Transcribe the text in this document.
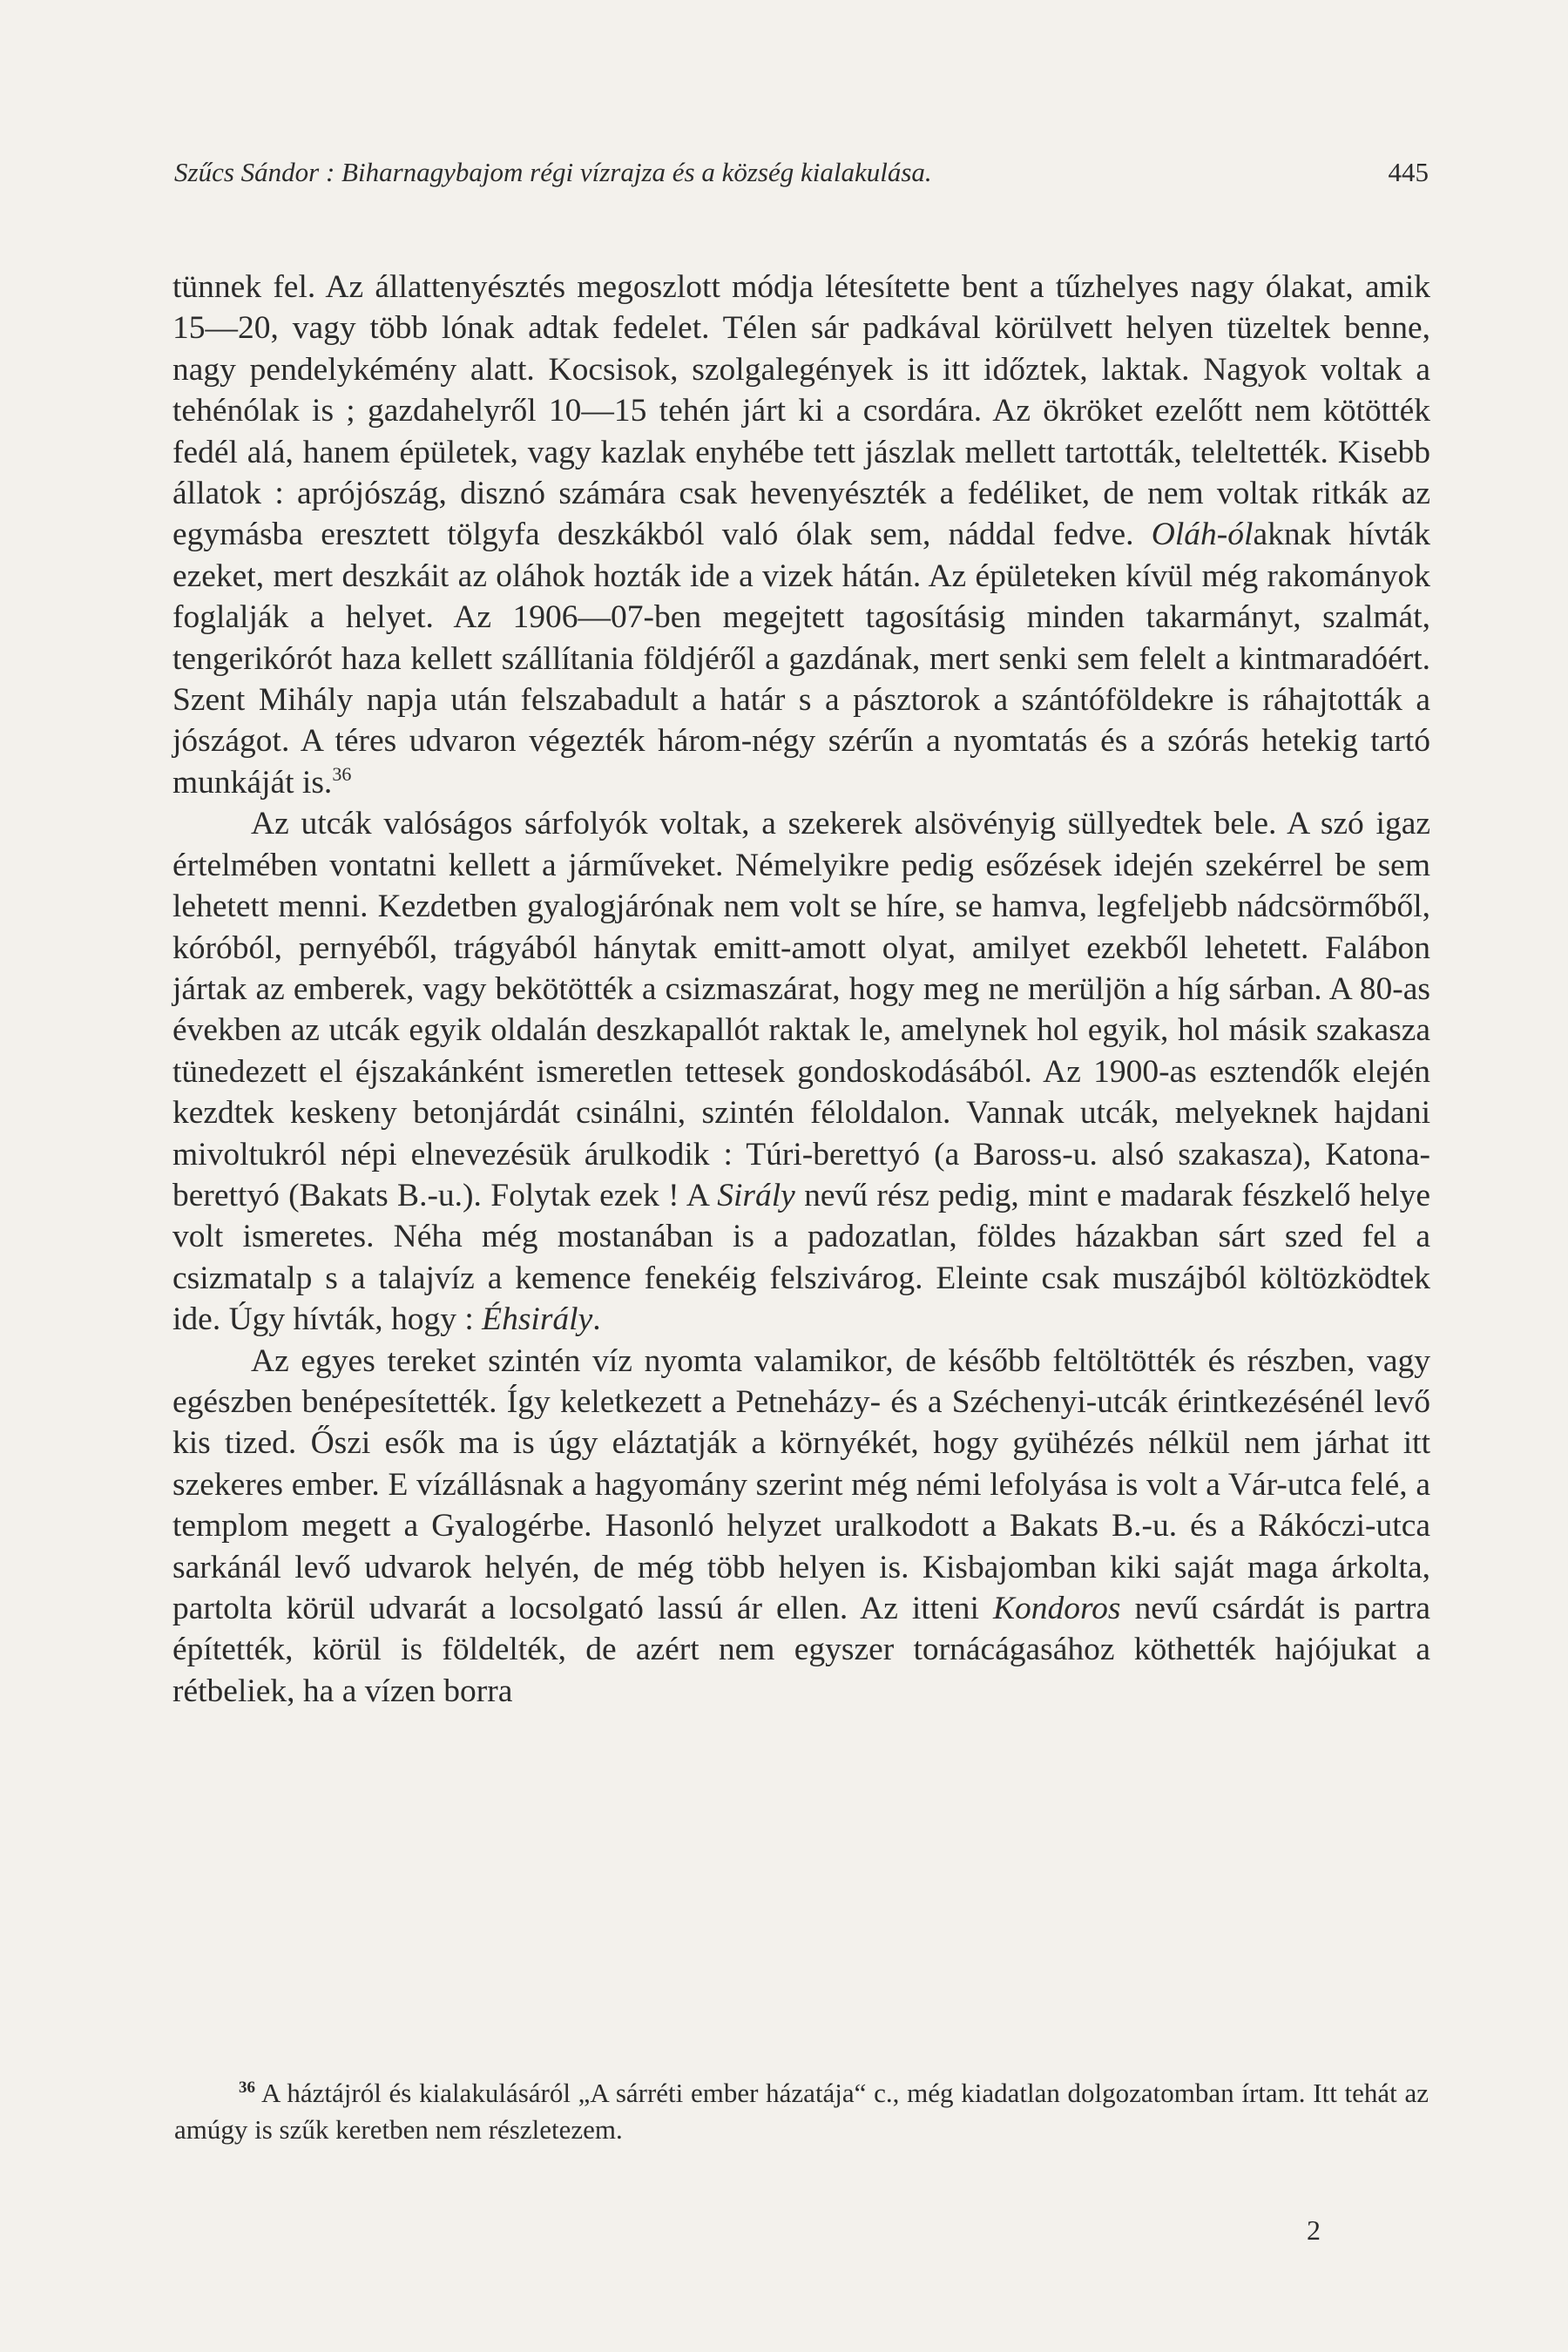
Szűcs Sándor : Biharnagybajom régi vízrajza és a község kialakulása.	445

tünnek fel. Az állattenyésztés megoszlott módja létesítette bent a tűzhelyes nagy ólakat, amik 15—20, vagy több lónak adtak fedelet. Télen sár padkával körülvett helyen tüzeltek benne, nagy pendelykémény alatt. Kocsisok, szolgalegények is itt időztek, laktak. Nagyok voltak a tehénólak is ; gazdahelyről 10—15 tehén járt ki a csordára. Az ökröket ezelőtt nem kötötték fedél alá, hanem épületek, vagy kazlak enyhébe tett jászlak mellett tartották, teleltették. Kisebb állatok : aprójószág, disznó számára csak hevenyészték a fedéliket, de nem voltak ritkák az egymásba eresztett tölgyfa deszkákból való ólak sem, náddal fedve. Oláh-ólaknak hívták ezeket, mert deszkáit az oláhok hozták ide a vizek hátán. Az épületeken kívül még rakományok foglalják a helyet. Az 1906—07-ben megejtett tagosításig minden takarmányt, szalmát, tengerikórót haza kellett szállítania földjéről a gazdának, mert senki sem felelt a kintmaradóért. Szent Mihály napja után felszabadult a határ s a pásztorok a szántóföldekre is ráhajtották a jószágot. A téres udvaron végezték három-négy szérűn a nyomtatás és a szórás hetekig tartó munkáját is.$^{36}$

Az utcák valóságos sárfolyók voltak, a szekerek alsövényig süllyedtek bele. A szó igaz értelmében vontatni kellett a járműveket. Némelyikre pedig esőzések idején szekérrel be sem lehetett menni. Kezdetben gyalogjárónak nem volt se híre, se hamva, legfeljebb nádcsörmőből, kóróból, pernyéből, trágyából hánytak emitt-amott olyat, amilyet ezekből lehetett. Falábon jártak az emberek, vagy bekötötték a csizmaszárat, hogy meg ne merüljön a híg sárban. A 80-as években az utcák egyik oldalán deszkapallót raktak le, amelynek hol egyik, hol másik szakasza tünedezett el éjszakánként ismeretlen tettesek gondoskodásából. Az 1900-as esztendők elején kezdtek keskeny betonjárdát csinálni, szintén féloldalon. Vannak utcák, melyeknek hajdani mivoltukról népi elnevezésük árulkodik : Túri-berettyó (a Baross-u. alsó szakasza), Katona-berettyó (Bakats B.-u.). Folytak ezek ! A Sirály nevű rész pedig, mint e madarak fészkelő helye volt ismeretes. Néha még mostanában is a padozatlan, földes házakban sárt szed fel a csizmatalp s a talajvíz a kemence fenekéig felszivárog. Eleinte csak muszájból költözködtek ide. Úgy hívták, hogy : Éhsirály.

Az egyes tereket szintén víz nyomta valamikor, de később feltöltötték és részben, vagy egészben benépesítették. Így keletkezett a Petneházy- és a Széchenyi-utcák érintkezésénél levő kis tized. Őszi esők ma is úgy eláztatják a környékét, hogy gyühézés nélkül nem járhat itt szekeres ember. E vízállásnak a hagyomány szerint még némi lefolyása is volt a Vár-utca felé, a templom megett a Gyalogérbe. Hasonló helyzet uralkodott a Bakats B.-u. és a Rákóczi-utca sarkánál levő udvarok helyén, de még több helyen is. Kisbajomban kiki saját maga árkolta, partolta körül udvarát a locsolgató lassú ár ellen. Az itteni Kondoros nevű csárdát is partra építették, körül is földelték, de azért nem egyszer tornácágasához köthették hajójukat a rétbeliek, ha a vízen borra

$^{36}$ A háztájról és kialakulásáról „A sárréti ember házatája“ c., még kiadatlan dolgozatomban írtam. Itt tehát az amúgy is szűk keretben nem részletezem.

2
